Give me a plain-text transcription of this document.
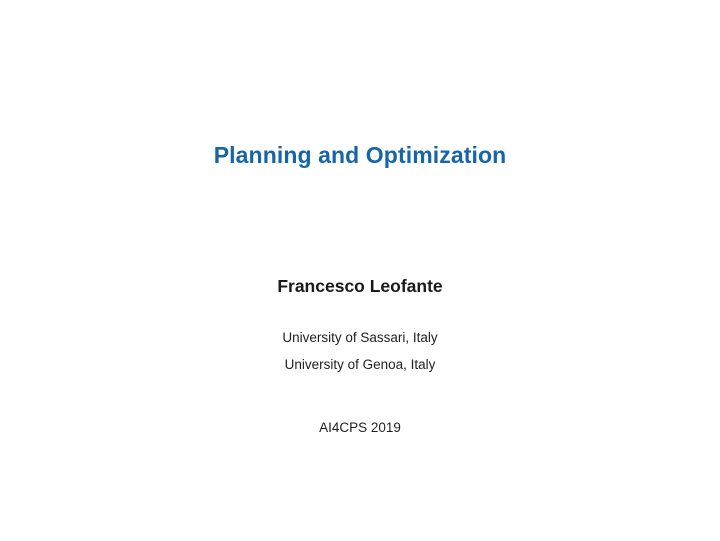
Planning and Optimization
Francesco Leofante
University of Sassari, Italy
University of Genoa, Italy
AI4CPS 2019
